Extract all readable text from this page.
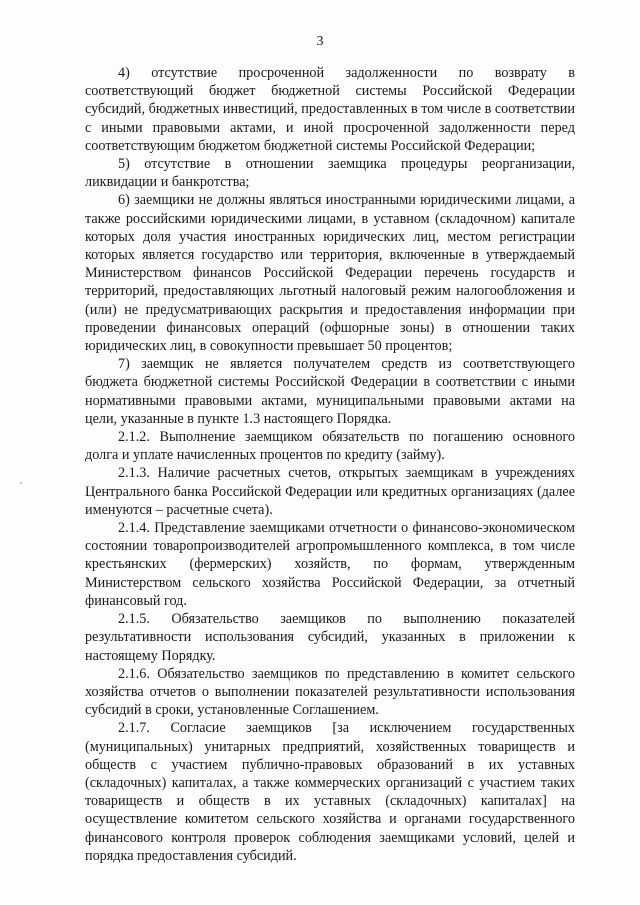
3

4) отсутствие просроченной задолженности по возврату в соответствующий бюджет бюджетной системы Российской Федерации субсидий, бюджетных инвестиций, предоставленных в том числе в соответствии с иными правовыми актами, и иной просроченной задолженности перед соответствующим бюджетом бюджетной системы Российской Федерации;

5) отсутствие в отношении заемщика процедуры реорганизации, ликвидации и банкротства;

6) заемщики не должны являться иностранными юридическими лицами, а также российскими юридическими лицами, в уставном (складочном) капитале которых доля участия иностранных юридических лиц, местом регистрации которых является государство или территория, включенные в утверждаемый Министерством финансов Российской Федерации перечень государств и территорий, предоставляющих льготный налоговый режим налогообложения и (или) не предусматривающих раскрытия и предоставления информации при проведении финансовых операций (офшорные зоны) в отношении таких юридических лиц, в совокупности превышает 50 процентов;

7) заемщик не является получателем средств из соответствующего бюджета бюджетной системы Российской Федерации в соответствии с иными нормативными правовыми актами, муниципальными правовыми актами на цели, указанные в пункте 1.3 настоящего Порядка.

2.1.2. Выполнение заемщиком обязательств по погашению основного долга и уплате начисленных процентов по кредиту (займу).

2.1.3. Наличие расчетных счетов, открытых заемщикам в учреждениях Центрального банка Российской Федерации или кредитных организациях (далее именуются – расчетные счета).

2.1.4. Представление заемщиками отчетности о финансово-экономическом состоянии товаропроизводителей агропромышленного комплекса, в том числе крестьянских (фермерских) хозяйств, по формам, утвержденным Министерством сельского хозяйства Российской Федерации, за отчетный финансовый год.

2.1.5. Обязательство заемщиков по выполнению показателей результативности использования субсидий, указанных в приложении к настоящему Порядку.

2.1.6. Обязательство заемщиков по представлению в комитет сельского хозяйства отчетов о выполнении показателей результативности использования субсидий в сроки, установленные Соглашением.

2.1.7. Согласие заемщиков [за исключением государственных (муниципальных) унитарных предприятий, хозяйственных товариществ и обществ с участием публично-правовых образований в их уставных (складочных) капиталах, а также коммерческих организаций с участием таких товариществ и обществ в их уставных (складочных) капиталах] на осуществление комитетом сельского хозяйства и органами государственного финансового контроля проверок соблюдения заемщиками условий, целей и порядка предоставления субсидий.
